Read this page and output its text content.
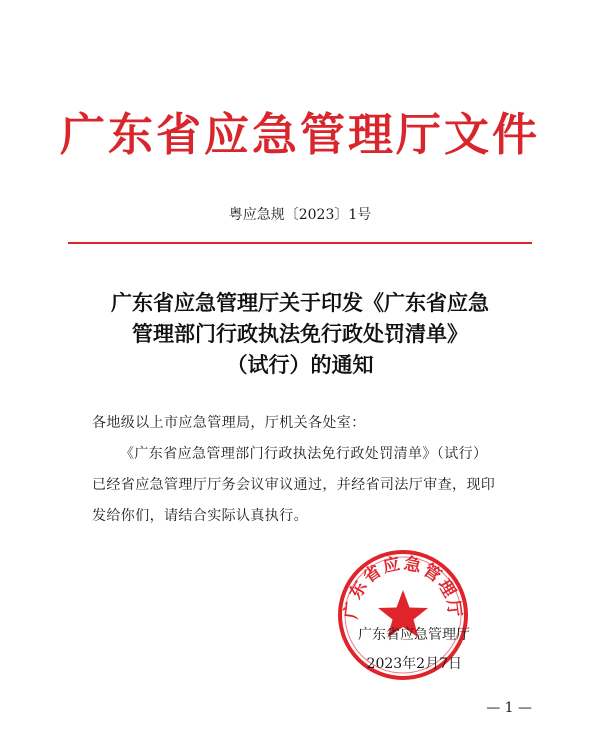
广东省应急管理厅文件
粤应急规〔2023〕1号
广东省应急管理厅关于印发《广东省应急
管理部门行政执法免行政处罚清单》
（试行）的通知
各地级以上市应急管理局，厅机关各处室：
《广东省应急管理部门行政执法免行政处罚清单》（试行）
已经省应急管理厅厅务会议审议通过，并经省司法厅审查，现印
发给你们，请结合实际认真执行。
广东省应急管理厅
广东省应急管理厅
2023年2月7日
— 1 —
